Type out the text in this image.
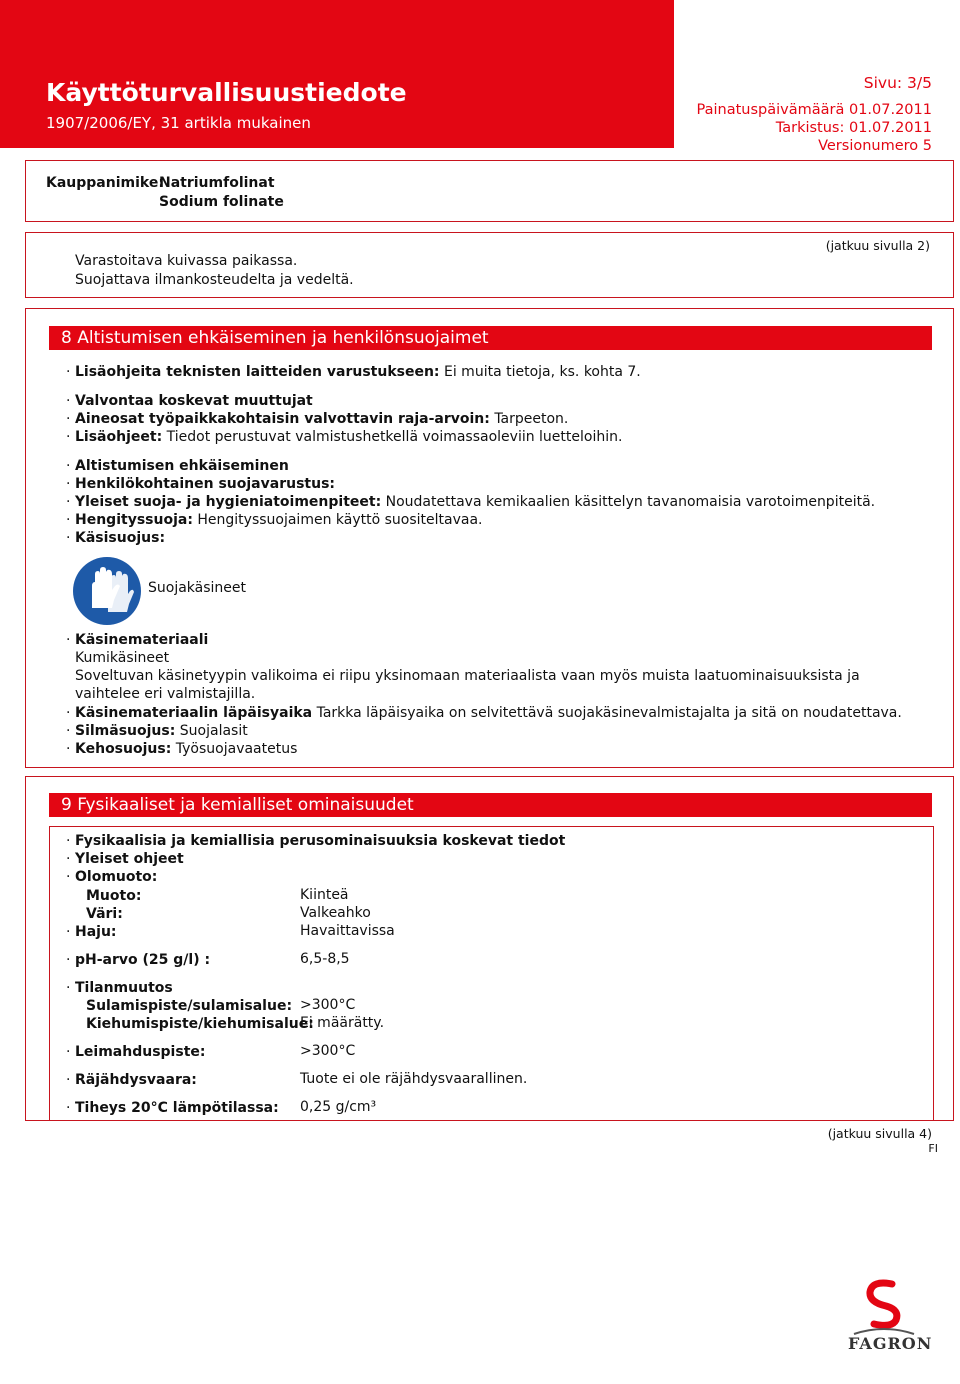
Käyttöturvallisuustiedote
1907/2006/EY, 31 artikla mukainen
Sivu: 3/5
Painatuspäivämäärä 01.07.2011
Tarkistus: 01.07.2011
Versionumero 5
Kauppanimike:
Natriumfolinat
Sodium folinate
Varastoitava kuivassa paikassa.
Suojattava ilmankosteudelta ja vedeltä.
(jatkuu sivulla 2)
8 Altistumisen ehkäiseminen ja henkilönsuojaimet
· Lisäohjeita teknisten laitteiden varustukseen: Ei muita tietoja, ks. kohta 7.
· Valvontaa koskevat muuttujat
· Aineosat työpaikkakohtaisin valvottavin raja-arvoin: Tarpeeton.
· Lisäohjeet: Tiedot perustuvat valmistushetkellä voimassaoleviin luetteloihin.
· Altistumisen ehkäiseminen
· Henkilökohtainen suojavarustus:
· Yleiset suoja- ja hygieniatoimenpiteet: Noudatettava kemikaalien käsittelyn tavanomaisia varotoimenpiteitä.
· Hengityssuoja: Hengityssuojaimen käyttö suositeltavaa.
· Käsisuojus:
Suojakäsineet
· Käsinemateriaali
Kumikäsineet
Soveltuvan käsinetyypin valikoima ei riipu yksinomaan materiaalista vaan myös muista laatuominaisuuksista ja
vaihtelee eri valmistajilla.
· Käsinemateriaalin läpäisyaika Tarkka läpäisyaika on selvitettävä suojakäsinevalmistajalta ja sitä on noudatettava.
· Silmäsuojus: Suojalasit
· Kehosuojus: Työsuojavaatetus
9 Fysikaaliset ja kemialliset ominaisuudet
· Fysikaalisia ja kemiallisia perusominaisuuksia koskevat tiedot
· Yleiset ohjeet
· Olomuoto:
Muoto:	Kiinteä
Väri:	Valkeahko
· Haju:	Havaittavissa
· pH-arvo (25 g/l) :	6,5-8,5
· Tilanmuutos
Sulamispiste/sulamisalue: >300°C
Kiehumispiste/kiehumisalue:
Ei määrätty.
· Leimahduspiste:	>300°C
· Räjähdysvaara:	Tuote ei ole räjähdysvaarallinen.
· Tiheys 20°C lämpötilassa: 0,25 g/cm³
(jatkuu sivulla 4)
FI
FAGRON
